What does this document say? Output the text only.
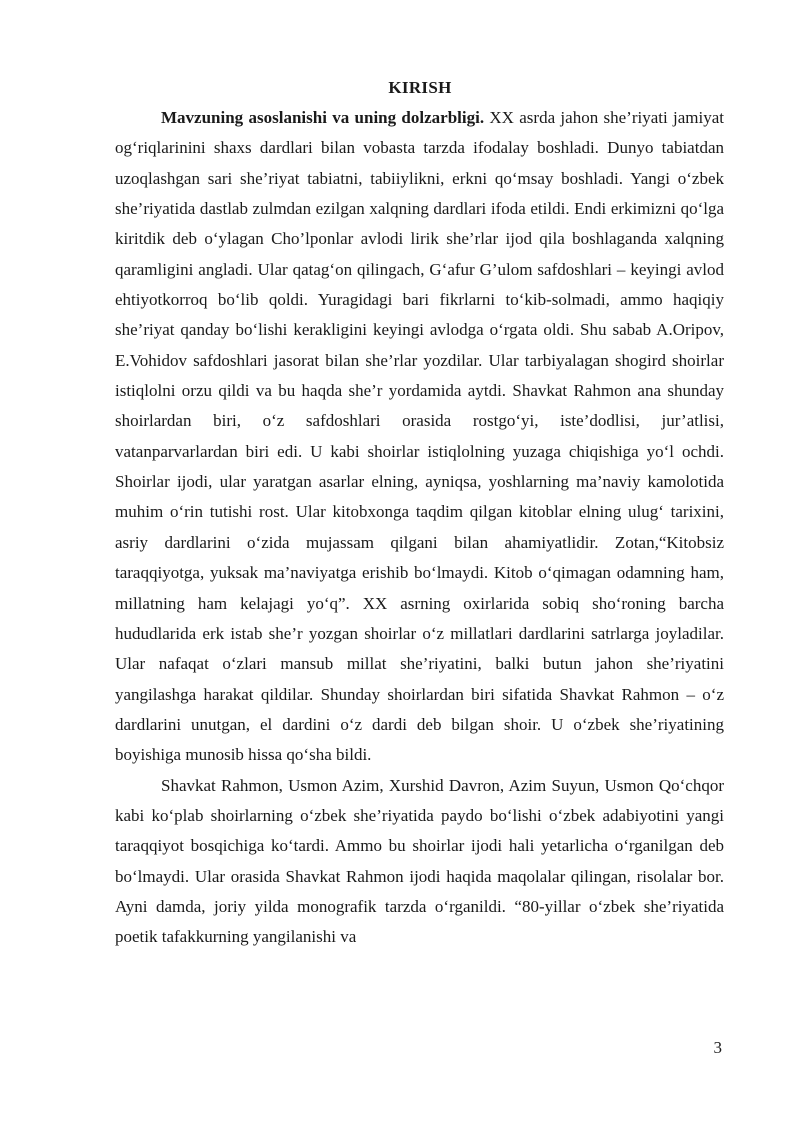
KIRISH

Mavzuning asoslanishi va uning dolzarbligi. XX asrda jahon she’riyati jamiyat og‘riqlarinini shaxs dardlari bilan vobasta tarzda ifodalay boshladi. Dunyo tabiatdan uzoqlashgan sari she’riyat tabiatni, tabiiylikni, erkni qo‘msay boshladi. Yangi o‘zbek she’riyatida dastlab zulmdan ezilgan xalqning dardlari ifoda etildi. Endi erkimizni qo‘lga kiritdik deb o‘ylagan Cho’lponlar avlodi lirik she’rlar ijod qila boshlaganda xalqning qaramligini angladi. Ular qatag‘on qilingach, G‘afur G’ulom safdoshlari – keyingi avlod ehtiyotkorroq bo‘lib qoldi. Yuragidagi bari fikrlarni to‘kib-solmadi, ammo haqiqiy she’riyat qanday bo‘lishi kerakligini keyingi avlodga o‘rgata oldi. Shu sabab A.Oripov, E.Vohidov safdoshlari jasorat bilan she’rlar yozdilar. Ular tarbiyalagan shogird shoirlar istiqlolni orzu qildi va bu haqda she’r yordamida aytdi. Shavkat Rahmon ana shunday shoirlardan biri, o‘z safdoshlari orasida rostgo‘yi, iste’dodlisi, jur’atlisi, vatanparvarlardan biri edi. U kabi shoirlar istiqlolning yuzaga chiqishiga yo‘l ochdi. Shoirlar ijodi, ular yaratgan asarlar elning, ayniqsa, yoshlarning ma’naviy kamolotida muhim o‘rin tutishi rost. Ular kitobxonga taqdim qilgan kitoblar elning ulug‘ tarixini, asriy dardlarini o‘zida mujassam qilgani bilan ahamiyatlidir. Zotan,“Kitobsiz taraqqiyotga, yuksak ma’naviyatga erishib bo‘lmaydi. Kitob o‘qimagan odamning ham, millatning ham kelajagi yo‘q”. XX asrning oxirlarida sobiq sho‘roning barcha hududlarida erk istab she’r yozgan shoirlar o‘z millatlari dardlarini satrlarga joyladilar. Ular nafaqat o‘zlari mansub millat she’riyatini, balki butun jahon she’riyatini yangilashga harakat qildilar. Shunday shoirlardan biri sifatida Shavkat Rahmon – o‘z dardlarini unutgan, el dardini o‘z dardi deb bilgan shoir. U o‘zbek she’riyatining boyishiga munosib hissa qo‘sha bildi.

Shavkat Rahmon, Usmon Azim, Xurshid Davron, Azim Suyun, Usmon Qo‘chqor kabi ko‘plab shoirlarning o‘zbek she’riyatida paydo bo‘lishi o‘zbek adabiyotini yangi taraqqiyot bosqichiga ko‘tardi. Ammo bu shoirlar ijodi hali yetarlicha o‘rganilgan deb bo‘lmaydi. Ular orasida Shavkat Rahmon ijodi haqida maqolalar qilingan, risolalar bor. Ayni damda, joriy yilda monografik tarzda o‘rganildi. “80-yillar o‘zbek she’riyatida poetik tafakkurning yangilanishi va

3
